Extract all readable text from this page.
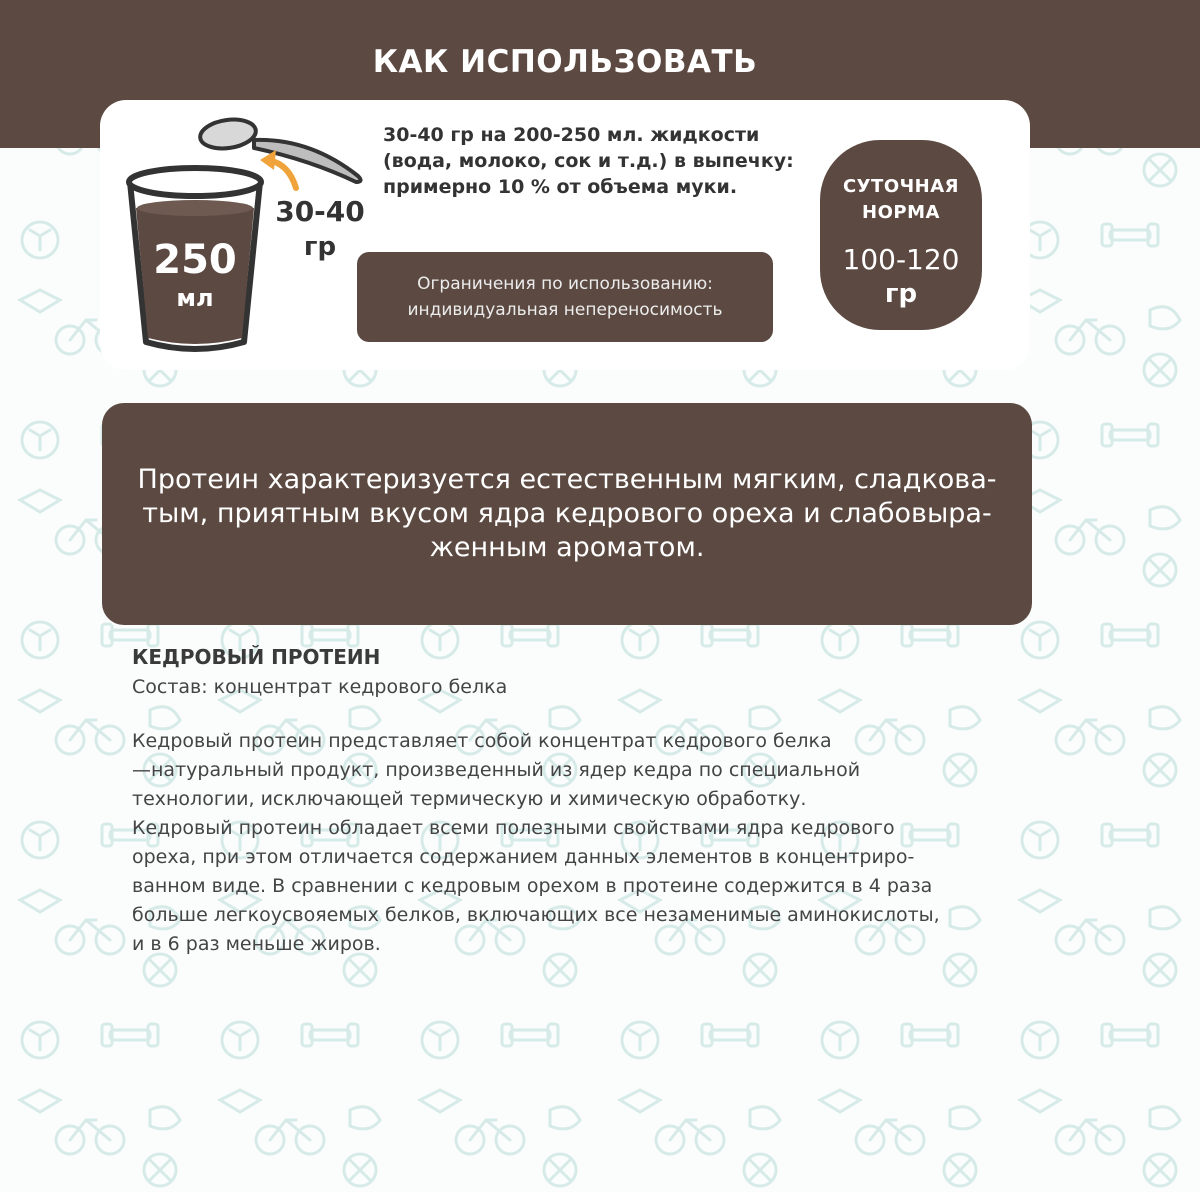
КАК ИСПОЛЬЗОВАТЬ
250
мл
30-40
гр
30-40 гр на 200-250 мл. жидкости
(вода, молоко, сок и т.д.) в выпечку:
примерно 10 % от объема муки.
Ограничения по использованию:
индивидуальная непереносимость
СУТОЧНАЯ
НОРМА
100-120
гр
Протеин характеризуется естественным мягким, сладкова-
тым, приятным вкусом ядра кедрового ореха и слабовыра-
женным ароматом.
КЕДРОВЫЙ ПРОТЕИН
Состав: концентрат кедрового белка
Кедровый протеин представляет собой концентрат кедрового белка
—натуральный продукт, произведенный из ядер кедра по специальной
технологии, исключающей термическую и химическую обработку.
Кедровый протеин обладает всеми полезными свойствами ядра кедрового
ореха, при этом отличается содержанием данных элементов в концентриро-
ванном виде. В сравнении с кедровым орехом в протеине содержится в 4 раза
больше легкоусвояемых белков, включающих все незаменимые аминокислоты,
и в 6 раз меньше жиров.
